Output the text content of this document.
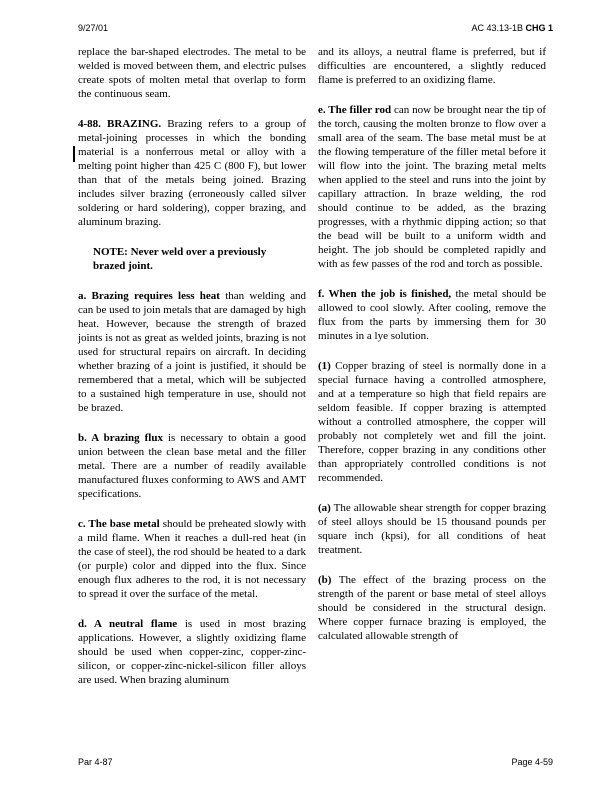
9/27/01	AC 43.13-1B CHG 1

replace the bar-shaped electrodes. The metal to be welded is moved between them, and electric pulses create spots of molten metal that overlap to form the continuous seam.

4-88. BRAZING. Brazing refers to a group of metal-joining processes in which the bonding material is a nonferrous metal or alloy with a melting point higher than 425 C (800 F), but lower than that of the metals being joined. Brazing includes silver brazing (erroneously called silver soldering or hard soldering), copper brazing, and aluminum brazing.

NOTE: Never weld over a previously brazed joint.

a. Brazing requires less heat than welding and can be used to join metals that are damaged by high heat. However, because the strength of brazed joints is not as great as welded joints, brazing is not used for structural repairs on aircraft. In deciding whether brazing of a joint is justified, it should be remembered that a metal, which will be subjected to a sustained high temperature in use, should not be brazed.

b. A brazing flux is necessary to obtain a good union between the clean base metal and the filler metal. There are a number of readily available manufactured fluxes conforming to AWS and AMT specifications.

c. The base metal should be preheated slowly with a mild flame. When it reaches a dull-red heat (in the case of steel), the rod should be heated to a dark (or purple) color and dipped into the flux. Since enough flux adheres to the rod, it is not necessary to spread it over the surface of the metal.

d. A neutral flame is used in most brazing applications. However, a slightly oxidizing flame should be used when copper-zinc, copper-zinc-silicon, or copper-zinc-nickel-silicon filler alloys are used. When brazing aluminum

and its alloys, a neutral flame is preferred, but if difficulties are encountered, a slightly reduced flame is preferred to an oxidizing flame.

e. The filler rod can now be brought near the tip of the torch, causing the molten bronze to flow over a small area of the seam. The base metal must be at the flowing temperature of the filler metal before it will flow into the joint. The brazing metal melts when applied to the steel and runs into the joint by capillary attraction. In braze welding, the rod should continue to be added, as the brazing progresses, with a rhythmic dipping action; so that the bead will be built to a uniform width and height. The job should be completed rapidly and with as few passes of the rod and torch as possible.

f. When the job is finished, the metal should be allowed to cool slowly. After cooling, remove the flux from the parts by immersing them for 30 minutes in a lye solution.

(1) Copper brazing of steel is normally done in a special furnace having a controlled atmosphere, and at a temperature so high that field repairs are seldom feasible. If copper brazing is attempted without a controlled atmosphere, the copper will probably not completely wet and fill the joint. Therefore, copper brazing in any conditions other than appropriately controlled conditions is not recommended.

(a) The allowable shear strength for copper brazing of steel alloys should be 15 thousand pounds per square inch (kpsi), for all conditions of heat treatment.

(b) The effect of the brazing process on the strength of the parent or base metal of steel alloys should be considered in the structural design. Where copper furnace brazing is employed, the calculated allowable strength of

Par 4-87	Page 4-59
